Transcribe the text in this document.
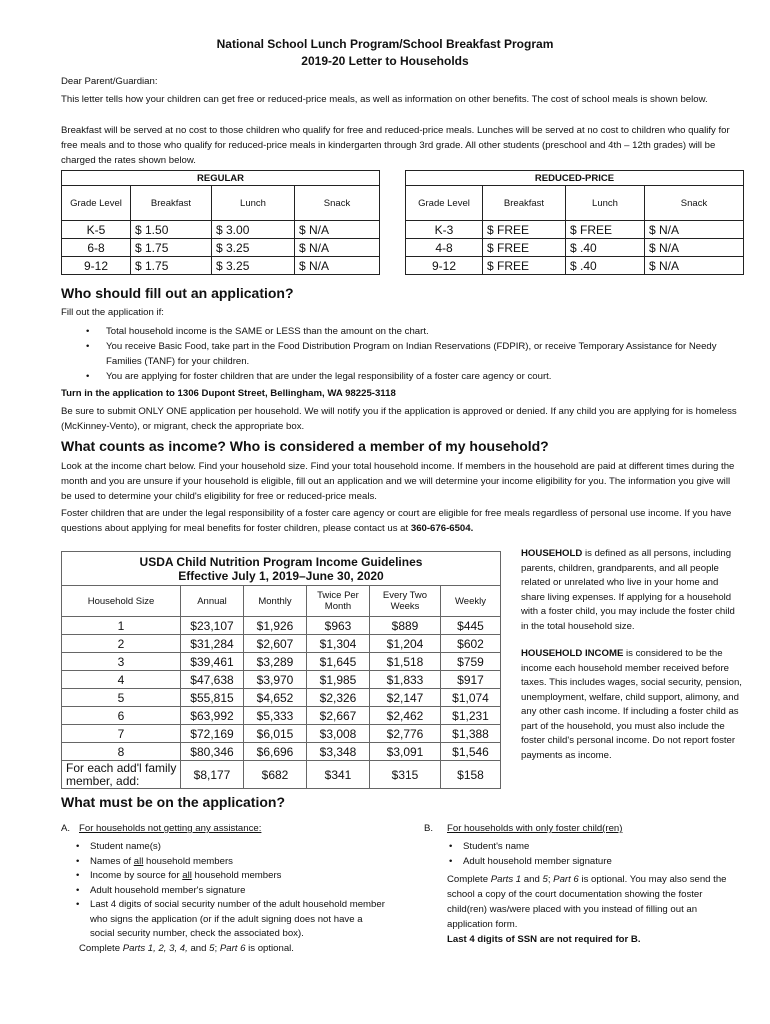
National School Lunch Program/School Breakfast Program
2019-20 Letter to Households
Dear Parent/Guardian:
This letter tells how your children can get free or reduced-price meals, as well as information on other benefits. The cost of school meals is shown below.
Breakfast will be served at no cost to those children who qualify for free and reduced-price meals. Lunches will be served at no cost to children who qualify for free meals and to those who qualify for reduced-price meals in kindergarten through 3rd grade. All other students (preschool and 4th – 12th grades) will be charged the rates shown below.
REGULAR			
Grade Level	Breakfast	Lunch	Snack
K-5	$ 1.50	$ 3.00	$ N/A
6-8	$ 1.75	$ 3.25	$ N/A
9-12	$ 1.75	$ 3.25	$ N/A
REDUCED-PRICE			
Grade Level	Breakfast	Lunch	Snack
K-3	$ FREE	$ FREE	$ N/A
4-8	$ FREE	$ .40	$ N/A
9-12	$ FREE	$ .40	$ N/A
Who should fill out an application?
Fill out the application if:
• Total household income is the SAME or LESS than the amount on the chart.
• You receive Basic Food, take part in the Food Distribution Program on Indian Reservations (FDPIR), or receive Temporary Assistance for Needy Families (TANF) for your children.
• You are applying for foster children that are under the legal responsibility of a foster care agency or court.
Turn in the application to 1306 Dupont Street, Bellingham, WA 98225-3118
Be sure to submit ONLY ONE application per household. We will notify you if the application is approved or denied. If any child you are applying for is homeless (McKinney-Vento), or migrant, check the appropriate box.
What counts as income? Who is considered a member of my household?
Look at the income chart below. Find your household size. Find your total household income. If members in the household are paid at different times during the month and you are unsure if your household is eligible, fill out an application and we will determine your income eligibility for you. The information you give will be used to determine your child's eligibility for free or reduced-price meals.
Foster children that are under the legal responsibility of a foster care agency or court are eligible for free meals regardless of personal use income. If you have questions about applying for meal benefits for foster children, please contact us at 360-676-6504.
USDA Child Nutrition Program Income Guidelines
Effective July 1, 2019–June 30, 2020					

Household Size	Annual	Monthly	Twice Per Month	Every Two Weeks	Weekly
1	$23,107	$1,926	$963	$889	$445
2	$31,284	$2,607	$1,304	$1,204	$602
3	$39,461	$3,289	$1,645	$1,518	$759
4	$47,638	$3,970	$1,985	$1,833	$917
5	$55,815	$4,652	$2,326	$2,147	$1,074
6	$63,992	$5,333	$2,667	$2,462	$1,231
7	$72,169	$6,015	$3,008	$2,776	$1,388
8	$80,346	$6,696	$3,348	$3,091	$1,546
For each add'l family member, add:	$8,177	$682	$341	$315	$158
HOUSEHOLD is defined as all persons, including parents, children, grandparents, and all people related or unrelated who live in your home and share living expenses. If applying for a household with a foster child, you may include the foster child in the total household size.
HOUSEHOLD INCOME is considered to be the income each household member received before taxes. This includes wages, social security, pension, unemployment, welfare, child support, alimony, and any other cash income. If including a foster child as part of the household, you must also include the foster child's personal income. Do not report foster payments as income.
What must be on the application?
A. For households not getting any assistance:
• Student name(s)
• Names of all household members
• Income by source for all household members
• Adult household member's signature
• Last 4 digits of social security number of the adult household member who signs the application (or if the adult signing does not have a social security number, check the associated box).
Complete Parts 1, 2, 3, 4, and 5; Part 6 is optional.
B. For households with only foster child(ren)
• Student's name
• Adult household member signature
Complete Parts 1 and 5; Part 6 is optional. You may also send the school a copy of the court documentation showing the foster child(ren) was/were placed with you instead of filling out an application form.
Last 4 digits of SSN are not required for B.
